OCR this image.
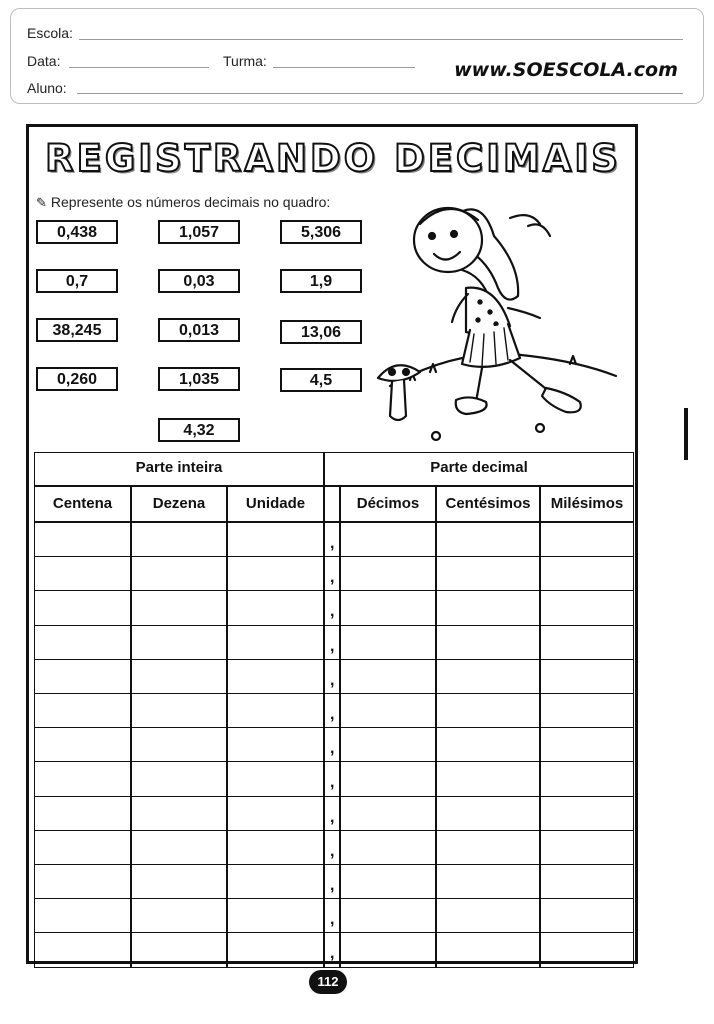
Escola:
Data:	Turma:
Aluno:
www.SOESCOLA.com
REGISTRANDO DECIMAIS
✎ Represente os números decimais no quadro:
0,438	1,057	5,306
0,7	0,03	1,9
38,245	0,013	13,06
0,260	1,035	4,5
4,32
Parte inteira	Parte decimal
Centena	Dezena	Unidade	Décimos	Centésimos	Milésimos
,
,
,
,
,
,
,
,
,
,
,
,
,
112
